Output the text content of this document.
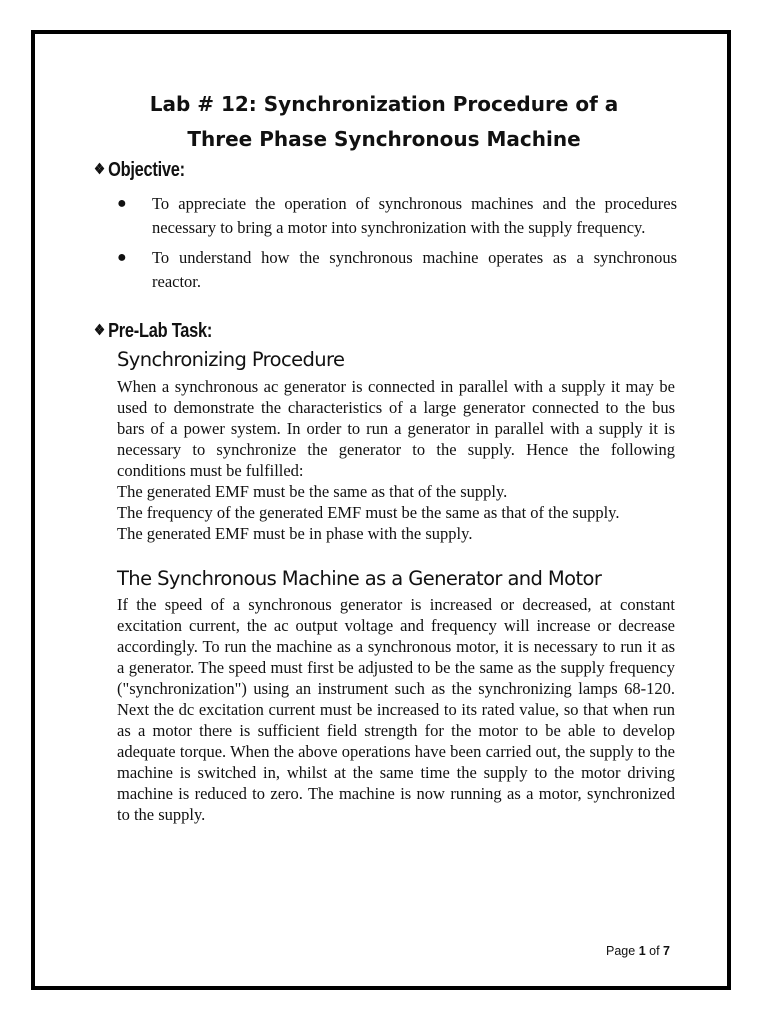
Lab # 12: Synchronization Procedure of a
Three Phase Synchronous Machine
❖ Objective:
● To appreciate the operation of synchronous machines and the procedures necessary to bring a motor into synchronization with the supply frequency.
● To understand how the synchronous machine operates as a synchronous reactor.
❖ Pre-Lab Task:
Synchronizing Procedure
When a synchronous ac generator is connected in parallel with a supply it may be used to demonstrate the characteristics of a large generator connected to the bus bars of a power system. In order to run a generator in parallel with a supply it is necessary to synchronize the generator to the supply. Hence the following conditions must be fulfilled:
The generated EMF must be the same as that of the supply.
The frequency of the generated EMF must be the same as that of the supply.
The generated EMF must be in phase with the supply.
The Synchronous Machine as a Generator and Motor
If the speed of a synchronous generator is increased or decreased, at constant excitation current, the ac output voltage and frequency will increase or decrease accordingly. To run the machine as a synchronous motor, it is necessary to run it as a generator. The speed must first be adjusted to be the same as the supply frequency ("synchronization") using an instrument such as the synchronizing lamps 68-120. Next the dc excitation current must be increased to its rated value, so that when run as a motor there is sufficient field strength for the motor to be able to develop adequate torque. When the above operations have been carried out, the supply to the machine is switched in, whilst at the same time the supply to the motor driving machine is reduced to zero. The machine is now running as a motor, synchronized to the supply.
Page 1 of 7
